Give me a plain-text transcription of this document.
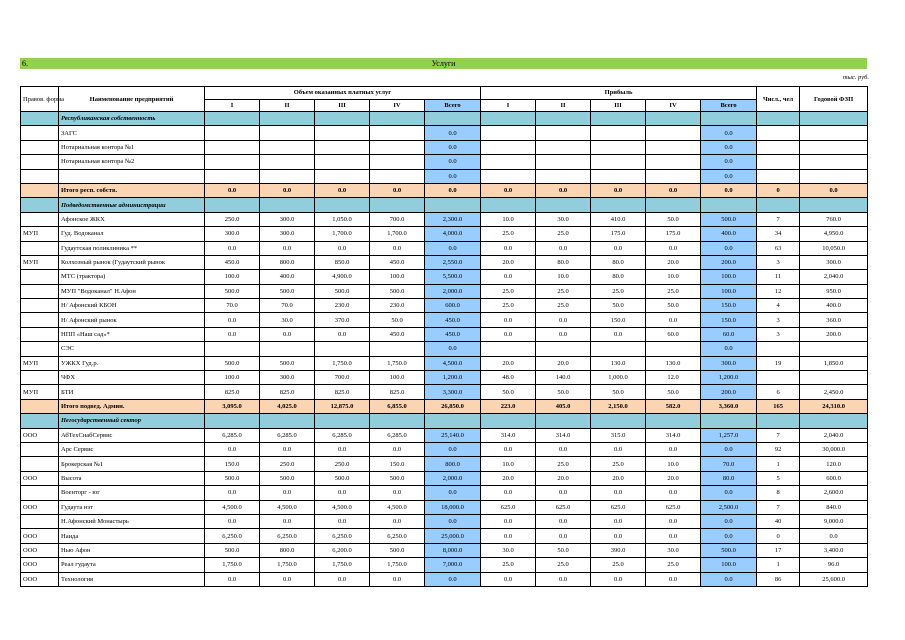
6.	Услуги
тыс. руб.
Правов. форма	Наименование предприятий	Объем оказанных платных услуг					Прибыль					Числ., чел	Годовой ФЗП
		I	II	III	IV	Всего	I	II	III	IV	Всего		
	Республиканская собственность												
	ЗАГС					0.0					0.0		
	Нотариальная контора №1					0.0					0.0		
	Нотариальная контора №2					0.0					0.0		
						0.0					0.0		
	Итого респ. собств.	0.0	0.0	0.0	0.0	0.0	0.0	0.0	0.0	0.0	0.0	0	0.0
	Подведомственные администрации												
	Афонское ЖКХ	250.0	300.0	1,050.0	700.0	2,300.0	10.0	30.0	410.0	50.0	500.0	7	760.0
МУП	Гуд. Водоканал	300.0	300.0	1,700.0	1,700.0	4,000.0	25.0	25.0	175.0	175.0	400.0	34	4,950.0
	Гудаутская поликлиника **	0.0	0.0	0.0	0.0	0.0	0.0	0.0	0.0	0.0	0.0	63	10,050.0
МУП	Колхозный рынок (Гудаутский рынок	450.0	800.0	850.0	450.0	2,550.0	20.0	80.0	80.0	20.0	200.0	3	300.0
	МТС (трактора)	100.0	400.0	4,900.0	100.0	5,500.0	0.0	10.0	80.0	10.0	100.0	11	2,040.0
	МУП "Водоканал" Н.Афон	500.0	500.0	500.0	500.0	2,000.0	25.0	25.0	25.0	25.0	100.0	12	950.0
	Н/ Афонский КБОН	70.0	70.0	230.0	230.0	600.0	25.0	25.0	50.0	50.0	150.0	4	400.0
	Н/ Афонский рынок	0.0	30.0	370.0	50.0	450.0	0.0	0.0	150.0	0.0	150.0	3	360.0
	НПП «Наш сад»*	0.0	0.0	0.0	450.0	450.0	0.0	0.0	0.0	60.0	60.0	3	200.0
	СЭС					0.0					0.0		
МУП	УЖКХ Гуд.р.	500.0	500.0	1,750.0	1,750.0	4,500.0	20.0	20.0	130.0	130.0	300.0	19	1,850.0
	ЧФХ	100.0	300.0	700.0	100.0	1,200.0	48.0	140.0	1,000.0	12.0	1,200.0		
МУП	БТИ	825.0	825.0	825.0	825.0	3,300.0	50.0	50.0	50.0	50.0	200.0	6	2,450.0
	Итого подвед. Админ.	3,095.0	4,025.0	12,875.0	6,855.0	26,850.0	223.0	405.0	2,150.0	582.0	3,360.0	165	24,310.0
	Негосударственный сектор												
ООО	АбТехСнабСервис	6,285.0	6,285.0	6,285.0	6,285.0	25,140.0	314.0	314.0	315.0	314.0	1,257.0	7	2,040.0
	Арс Сервис	0.0	0.0	0.0	0.0	0.0	0.0	0.0	0.0	0.0	0.0	92	30,000.0
	Брокерская №1	150.0	250.0	250.0	150.0	800.0	10.0	25.0	25.0	10.0	70.0	1	120.0
ООО	Высота	500.0	500.0	500.0	500.0	2,000.0	20.0	20.0	20.0	20.0	80.0	5	600.0
	Военторг - юг	0.0	0.0	0.0	0.0	0.0	0.0	0.0	0.0	0.0	0.0	8	2,600.0
ООО	Гудаута нэт	4,500.0	4,500.0	4,500.0	4,500.0	18,000.0	625.0	625.0	625.0	625.0	2,500.0	7	840.0
	Н.Афонский Монастырь	0.0	0.0	0.0	0.0	0.0	0.0	0.0	0.0	0.0	0.0	40	9,000.0
ООО	Наида	6,250.0	6,250.0	6,250.0	6,250.0	25,000.0	0.0	0.0	0.0	0.0	0.0	0	0.0
ООО	Нью Афон	500.0	800.0	6,200.0	500.0	8,000.0	30.0	50.0	390.0	30.0	500.0	17	3,400.0
ООО	Реал гудаута	1,750.0	1,750.0	1,750.0	1,750.0	7,000.0	25.0	25.0	25.0	25.0	100.0	1	96.0
ООО	Технология	0.0	0.0	0.0	0.0	0.0	0.0	0.0	0.0	0.0	0.0	86	25,600.0
